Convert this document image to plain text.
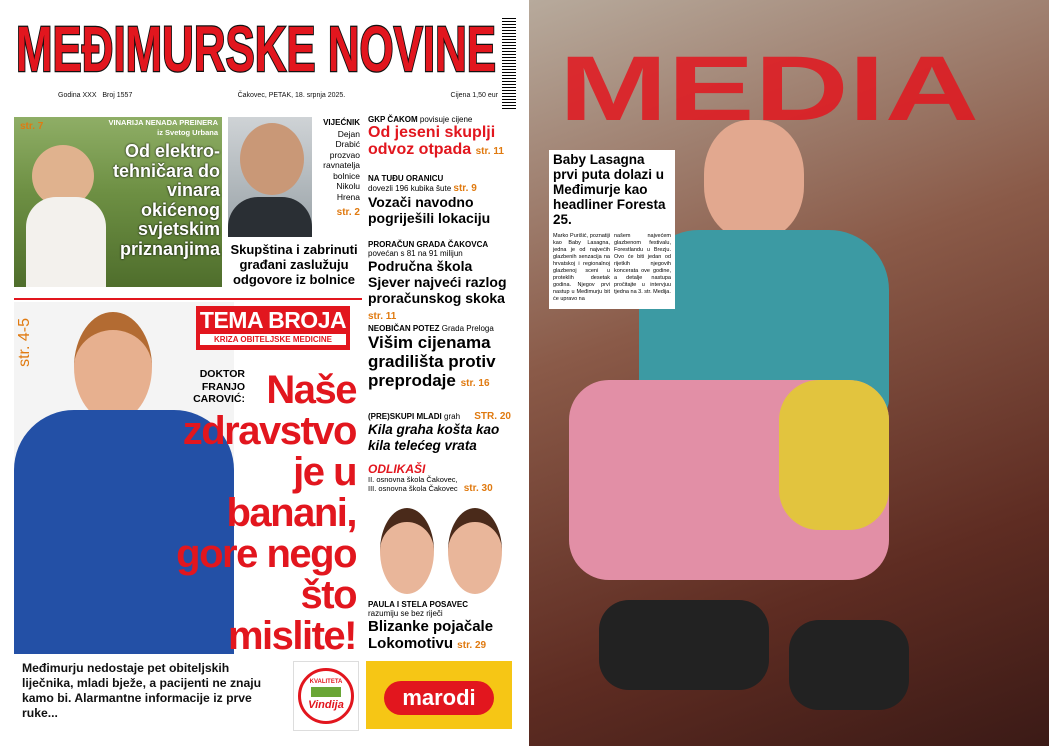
MEĐIMURSKE NOVINE
Godina XXX Broj 1557	Čakovec, PETAK, 18. srpnja 2025.	Cijena 1,50 eur
str. 7	VINARIJA NENADA PREINERA
iz Svetog Urbana
Od elektro-tehničara do vinara okićenog svjetskim priznanjima
VIJEĆNIK
Dejan Drabić prozvao ravnatelja bolnice Nikolu Hrena
str. 2
Skupština i zabrinuti građani zaslužuju odgovore iz bolnice
GKP ČAKOM povisuje cijene
Od jeseni skuplji odvoz otpada str. 11
NA TUĐU ORANICU
dovezli 196 kubika šute str. 9
Vozači navodno pogriješili lokaciju
PRORAČUN GRADA ČAKOVCA
povećan s 81 na 91 milijun
Područna škola Sjever najveći razlog proračunskog skoka str. 11
NEOBIČAN POTEZ Grada Preloga
Višim cijenama gradilišta protiv preprodaje str. 16
(PRE)SKUPI MLADI grah STR. 20
Kila graha košta kao kila telećeg vrata
ODLIKAŠI
II. osnovna škola Čakovec,
III. osnovna škola Čakovec str. 30
PAULA I STELA POSAVEC
razumiju se bez riječi
Blizanke pojačale Lokomotivu str. 29
str. 4-5	TEMA BROJA
KRIZA OBITELJSKE MEDICINE
DOKTOR FRANJO CAROVIĆ: Naše zdravstvo je u banani, gore nego što mislite!
Međimurju nedostaje pet obiteljskih liječnika, mladi bježe, a pacijenti ne znaju kamo bi. Alarmantne informacije iz prve ruke...
KVALITETA
Vindija	marodi
MEDIA
Baby Lasagna prvi puta dolazi u Međimurje kao headliner Foresta 25.
Marko Purišić, poznatiji kao Baby Lasagna, jedna je od najvećih glazbenih senzacija na hrvatskoj i regionalnoj glazbenoj sceni u proteklih desetak godina. Njegov prvi nastup u Međimurju bit će upravo na
našem najvećem glazbenom festivalu, Forestlandu u Brezju. Ovo će biti jedan od rijetkih njegovih koncerata ove godine, a detalje nastupa pročitajte u intervjuu tjedna na 3. str. Medija.
